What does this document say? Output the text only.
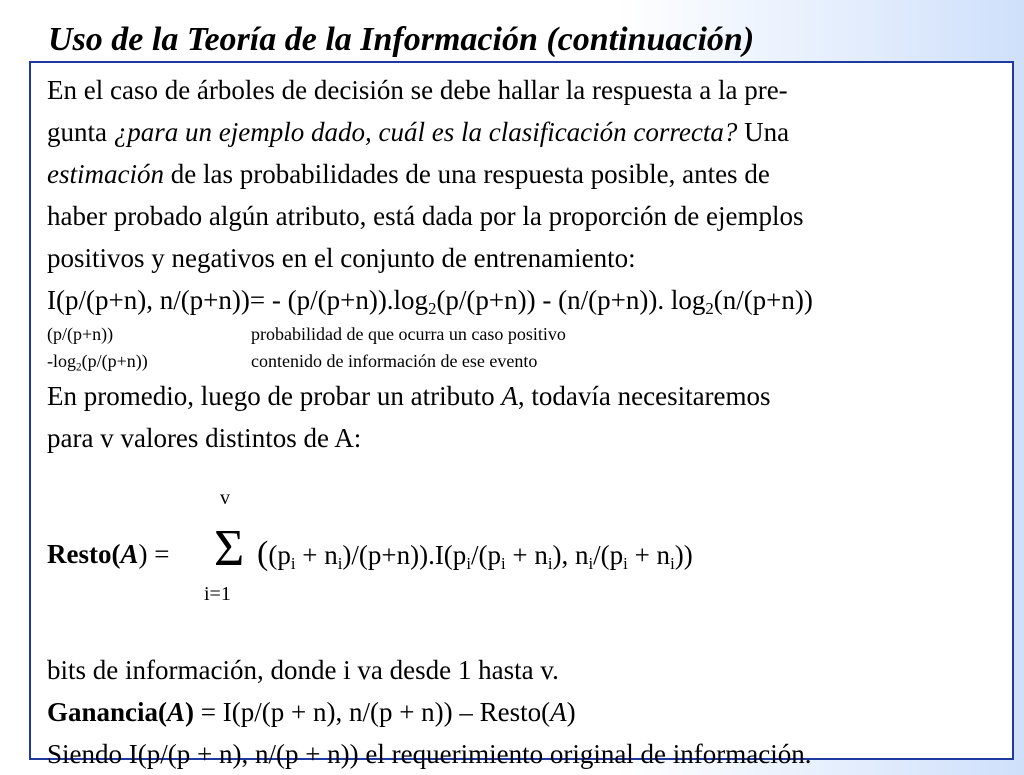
Uso de la Teoría de la Información (continuación)

En el caso de árboles de decisión se debe hallar la respuesta a la pre-

gunta ¿para un ejemplo dado, cuál es la clasificación correcta? Una

estimación de las probabilidades de una respuesta posible, antes de

haber probado algún atributo, está dada por la proporción de ejemplos

positivos y negativos en el conjunto de entrenamiento:

I(p/(p+n), $n/(p+n))= - (p/(p+n)).\log_2(p/(p+n)) - (n/(p+n))$. $\log_2(n/(p+n))$

(p/(p+n))	probabilidad de que ocurra un caso positivo
$-\log_2(p/(p+n))$	contenido de información de ese evento

En promedio, luego de probar un atributo A, todavía necesitaremos

para v valores distintos de A:

v
Σ
i=1
Resto(A) =	$((p_i + n_i)/(p+n)).I(p_i/(p_i + n_i)$, $n_i/(p_i + n_i)$)

bits de información, donde i va desde 1 hasta v.

Ganancia(A) = I(p/(p + n), n/(p + n)) – Resto(A)

Siendo I(p/(p + n), n/(p + n)) el requerimiento original de información.
